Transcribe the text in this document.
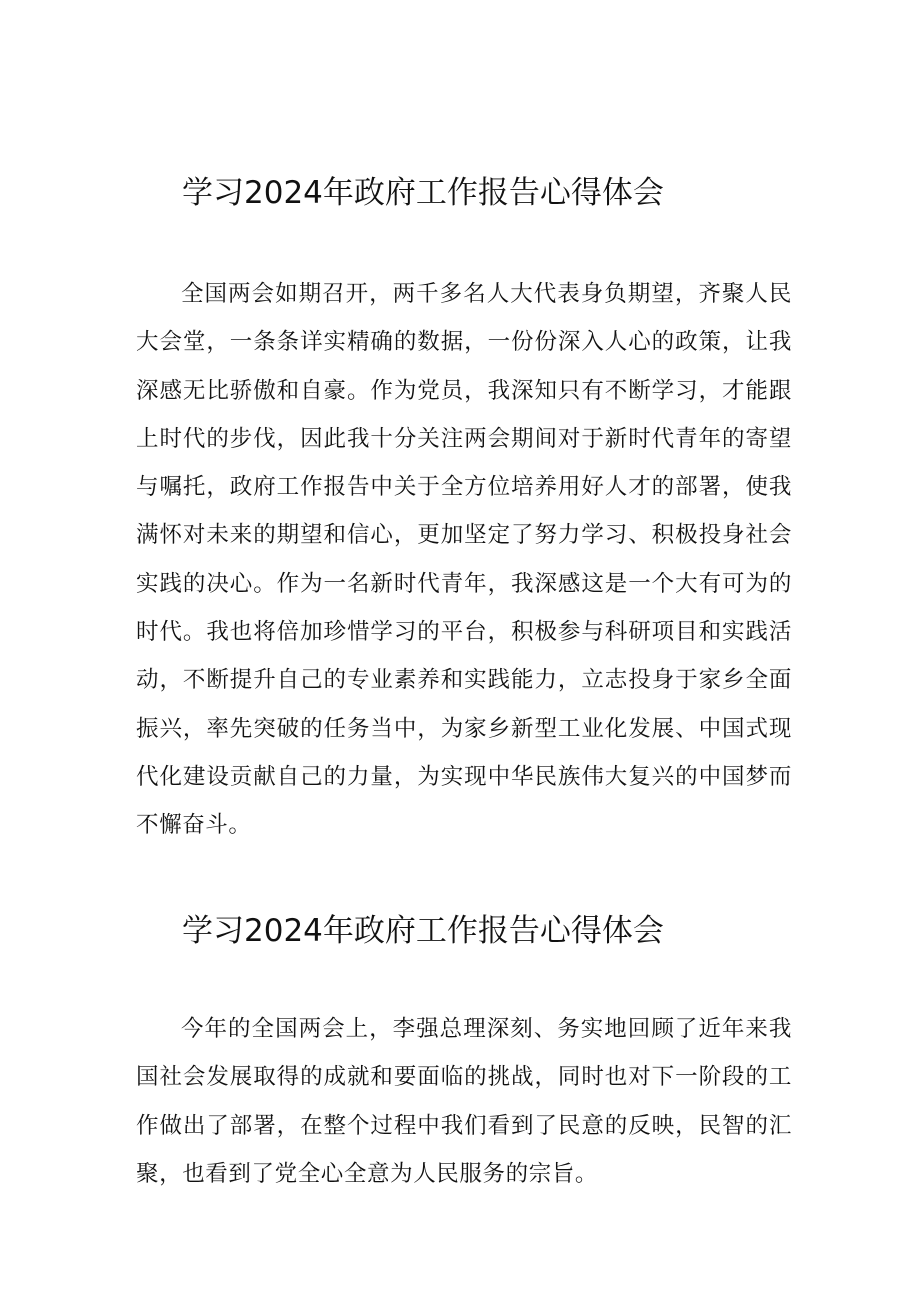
学习2024年政府工作报告心得体会

全国两会如期召开，两千多名人大代表身负期望，齐聚人民大会堂，一条条详实精确的数据，一份份深入人心的政策，让我深感无比骄傲和自豪。作为党员，我深知只有不断学习，才能跟上时代的步伐，因此我十分关注两会期间对于新时代青年的寄望与嘱托，政府工作报告中关于全方位培养用好人才的部署，使我满怀对未来的期望和信心，更加坚定了努力学习、积极投身社会实践的决心。作为一名新时代青年，我深感这是一个大有可为的时代。我也将倍加珍惜学习的平台，积极参与科研项目和实践活动，不断提升自己的专业素养和实践能力，立志投身于家乡全面振兴，率先突破的任务当中，为家乡新型工业化发展、中国式现代化建设贡献自己的力量，为实现中华民族伟大复兴的中国梦而不懈奋斗。

学习2024年政府工作报告心得体会

今年的全国两会上，李强总理深刻、务实地回顾了近年来我国社会发展取得的成就和要面临的挑战，同时也对下一阶段的工作做出了部署，在整个过程中我们看到了民意的反映，民智的汇聚，也看到了党全心全意为人民服务的宗旨。
